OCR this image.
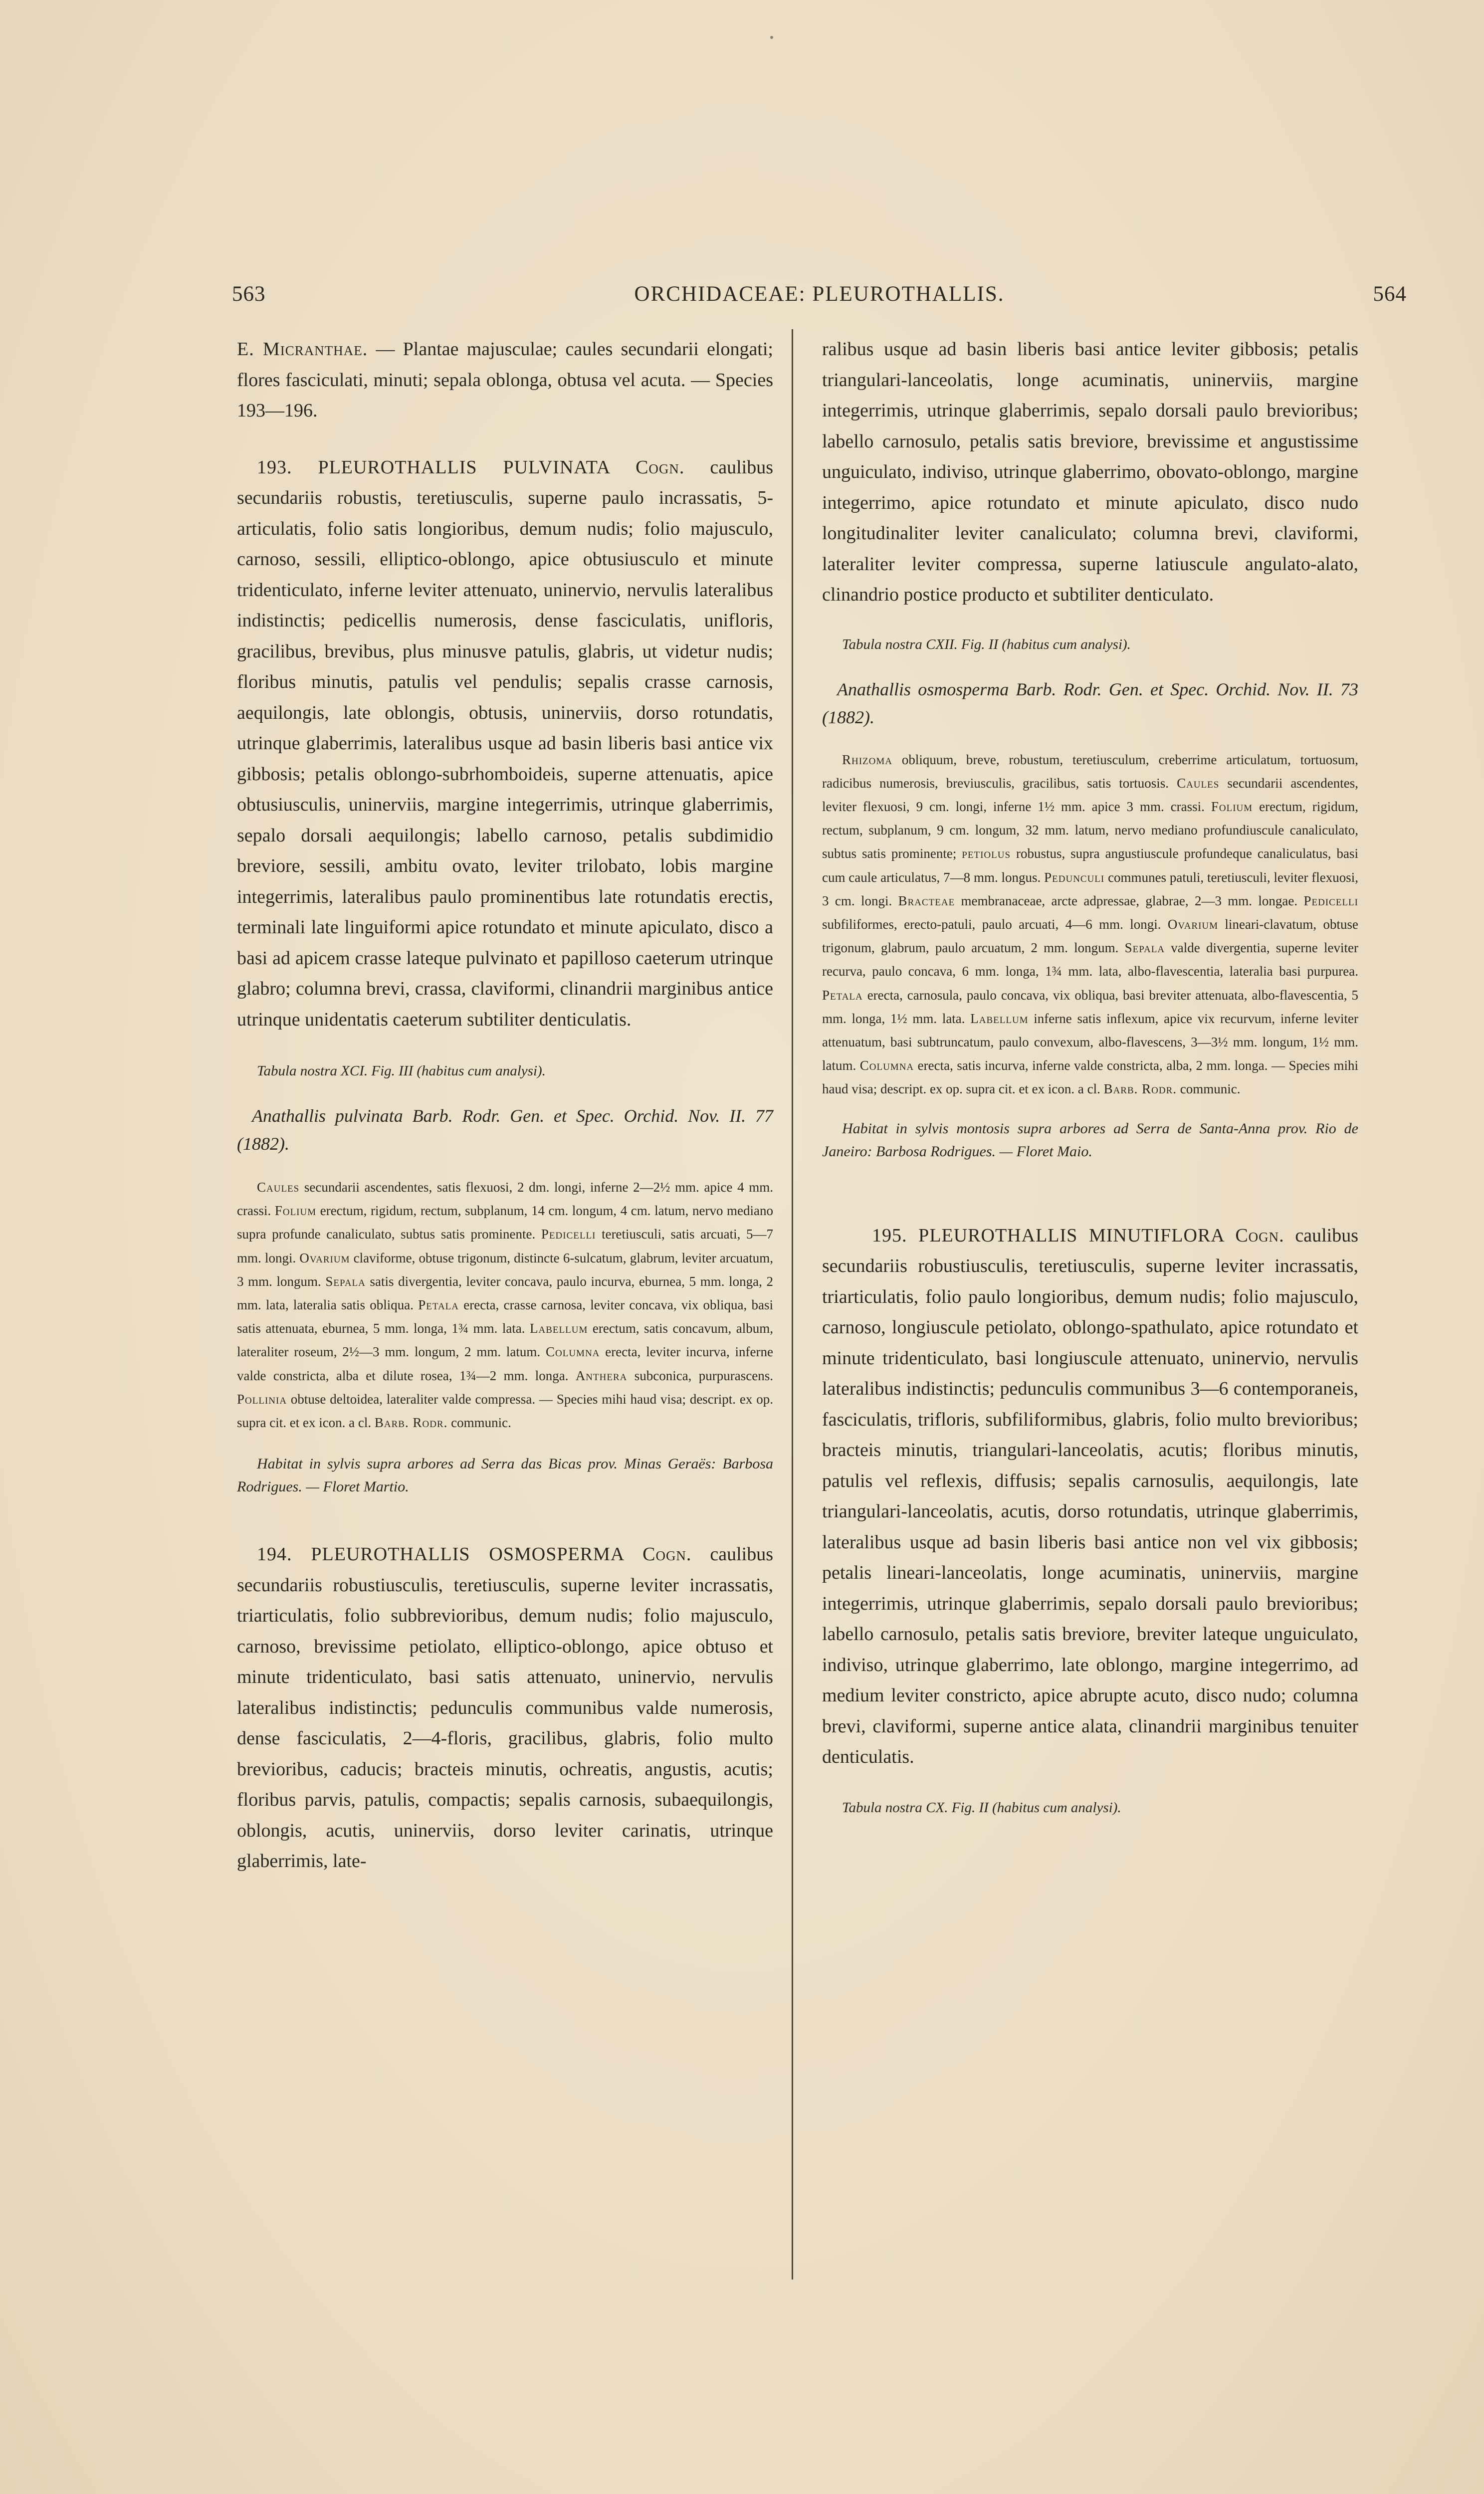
563	ORCHIDACEAE: PLEUROTHALLIS.	564

E. Micranthae. — Plantae majusculae; caules secundarii elongati; flores fasciculati, minuti; sepala oblonga, obtusa vel acuta. — Species 193—196.

193. PLEUROTHALLIS PULVINATA Cogn. caulibus secundariis robustis, teretiusculis, superne paulo incrassatis, 5-articulatis, folio satis longioribus, demum nudis; folio majusculo, carnoso, sessili, elliptico-oblongo, apice obtusiusculo et minute tridenticulato, inferne leviter attenuato, uninervio, nervulis lateralibus indistinctis; pedicellis numerosis, dense fasciculatis, unifloris, gracilibus, brevibus, plus minusve patulis, glabris, ut videtur nudis; floribus minutis, patulis vel pendulis; sepalis crasse carnosis, aequilongis, late oblongis, obtusis, uninerviis, dorso rotundatis, utrinque glaberrimis, lateralibus usque ad basin liberis basi antice vix gibbosis; petalis oblongo-subrhomboideis, superne attenuatis, apice obtusiusculis, uninerviis, margine integerrimis, utrinque glaberrimis, sepalo dorsali aequilongis; labello carnoso, petalis subdimidio breviore, sessili, ambitu ovato, leviter trilobato, lobis margine integerrimis, lateralibus paulo prominentibus late rotundatis erectis, terminali late linguiformi apice rotundato et minute apiculato, disco a basi ad apicem crasse lateque pulvinato et papilloso caeterum utrinque glabro; columna brevi, crassa, claviformi, clinandrii marginibus antice utrinque unidentatis caeterum subtiliter denticulatis.

Tabula nostra XCI. Fig. III (habitus cum analysi).

Anathallis pulvinata Barb. Rodr. Gen. et Spec. Orchid. Nov. II. 77 (1882).

Caules secundarii ascendentes, satis flexuosi, 2 dm. longi, inferne 2—2½ mm. apice 4 mm. crassi. Folium erectum, rigidum, rectum, subplanum, 14 cm. longum, 4 cm. latum, nervo mediano supra profunde canaliculato, subtus satis prominente. Pedicelli teretiusculi, satis arcuati, 5—7 mm. longi. Ovarium claviforme, obtuse trigonum, distincte 6-sulcatum, glabrum, leviter arcuatum, 3 mm. longum. Sepala satis divergentia, leviter concava, paulo incurva, eburnea, 5 mm. longa, 2 mm. lata, lateralia satis obliqua. Petala erecta, crasse carnosa, leviter concava, vix obliqua, basi satis attenuata, eburnea, 5 mm. longa, 1¾ mm. lata. Labellum erectum, satis concavum, album, lateraliter roseum, 2½—3 mm. longum, 2 mm. latum. Columna erecta, leviter incurva, inferne valde constricta, alba et dilute rosea, 1¾—2 mm. longa. Anthera subconica, purpurascens. Pollinia obtuse deltoidea, lateraliter valde compressa. — Species mihi haud visa; descript. ex op. supra cit. et ex icon. a cl. Barb. Rodr. communic.

Habitat in sylvis supra arbores ad Serra das Bicas prov. Minas Geraës: Barbosa Rodrigues. — Floret Martio.

194. PLEUROTHALLIS OSMOSPERMA Cogn. caulibus secundariis robustiusculis, teretiusculis, superne leviter incrassatis, triarticulatis, folio subbrevioribus, demum nudis; folio majusculo, carnoso, brevissime petiolato, elliptico-oblongo, apice obtuso et minute tridenticulato, basi satis attenuato, uninervio, nervulis lateralibus indistinctis; pedunculis communibus valde numerosis, dense fasciculatis, 2—4-floris, gracilibus, glabris, folio multo brevioribus, caducis; bracteis minutis, ochreatis, angustis, acutis; floribus parvis, patulis, compactis; sepalis carnosis, subaequilongis, oblongis, acutis, uninerviis, dorso leviter carinatis, utrinque glaberrimis, late-

ralibus usque ad basin liberis basi antice leviter gibbosis; petalis triangulari-lanceolatis, longe acuminatis, uninerviis, margine integerrimis, utrinque glaberrimis, sepalo dorsali paulo brevioribus; labello carnosulo, petalis satis breviore, brevissime et angustissime unguiculato, indiviso, utrinque glaberrimo, obovato-oblongo, margine integerrimo, apice rotundato et minute apiculato, disco nudo longitudinaliter leviter canaliculato; columna brevi, claviformi, lateraliter leviter compressa, superne latiuscule angulato-alato, clinandrio postice producto et subtiliter denticulato.

Tabula nostra CXII. Fig. II (habitus cum analysi).

Anathallis osmosperma Barb. Rodr. Gen. et Spec. Orchid. Nov. II. 73 (1882).

Rhizoma obliquum, breve, robustum, teretiusculum, creberrime articulatum, tortuosum, radicibus numerosis, breviusculis, gracilibus, satis tortuosis. Caules secundarii ascendentes, leviter flexuosi, 9 cm. longi, inferne 1½ mm. apice 3 mm. crassi. Folium erectum, rigidum, rectum, subplanum, 9 cm. longum, 32 mm. latum, nervo mediano profundiuscule canaliculato, subtus satis prominente; petiolus robustus, supra angustiuscule profundeque canaliculatus, basi cum caule articulatus, 7—8 mm. longus. Pedunculi communes patuli, teretiusculi, leviter flexuosi, 3 cm. longi. Bracteae membranaceae, arcte adpressae, glabrae, 2—3 mm. longae. Pedicelli subfiliformes, erecto-patuli, paulo arcuati, 4—6 mm. longi. Ovarium lineari-clavatum, obtuse trigonum, glabrum, paulo arcuatum, 2 mm. longum. Sepala valde divergentia, superne leviter recurva, paulo concava, 6 mm. longa, 1¾ mm. lata, albo-flavescentia, lateralia basi purpurea. Petala erecta, carnosula, paulo concava, vix obliqua, basi breviter attenuata, albo-flavescentia, 5 mm. longa, 1½ mm. lata. Labellum inferne satis inflexum, apice vix recurvum, inferne leviter attenuatum, basi subtruncatum, paulo convexum, albo-flavescens, 3—3½ mm. longum, 1½ mm. latum. Columna erecta, satis incurva, inferne valde constricta, alba, 2 mm. longa. — Species mihi haud visa; descript. ex op. supra cit. et ex icon. a cl. Barb. Rodr. communic.

Habitat in sylvis montosis supra arbores ad Serra de Santa-Anna prov. Rio de Janeiro: Barbosa Rodrigues. — Floret Maio.

195. PLEUROTHALLIS MINUTIFLORA Cogn. caulibus secundariis robustiusculis, teretiusculis, superne leviter incrassatis, triarticulatis, folio paulo longioribus, demum nudis; folio majusculo, carnoso, longiuscule petiolato, oblongo-spathulato, apice rotundato et minute tridenticulato, basi longiuscule attenuato, uninervio, nervulis lateralibus indistinctis; pedunculis communibus 3—6 contemporaneis, fasciculatis, trifloris, subfiliformibus, glabris, folio multo brevioribus; bracteis minutis, triangulari-lanceolatis, acutis; floribus minutis, patulis vel reflexis, diffusis; sepalis carnosulis, aequilongis, late triangulari-lanceolatis, acutis, dorso rotundatis, utrinque glaberrimis, lateralibus usque ad basin liberis basi antice non vel vix gibbosis; petalis lineari-lanceolatis, longe acuminatis, uninerviis, margine integerrimis, utrinque glaberrimis, sepalo dorsali paulo brevioribus; labello carnosulo, petalis satis breviore, breviter lateque unguiculato, indiviso, utrinque glaberrimo, late oblongo, margine integerrimo, ad medium leviter constricto, apice abrupte acuto, disco nudo; columna brevi, claviformi, superne antice alata, clinandrii marginibus tenuiter denticulatis.

Tabula nostra CX. Fig. II (habitus cum analysi).
